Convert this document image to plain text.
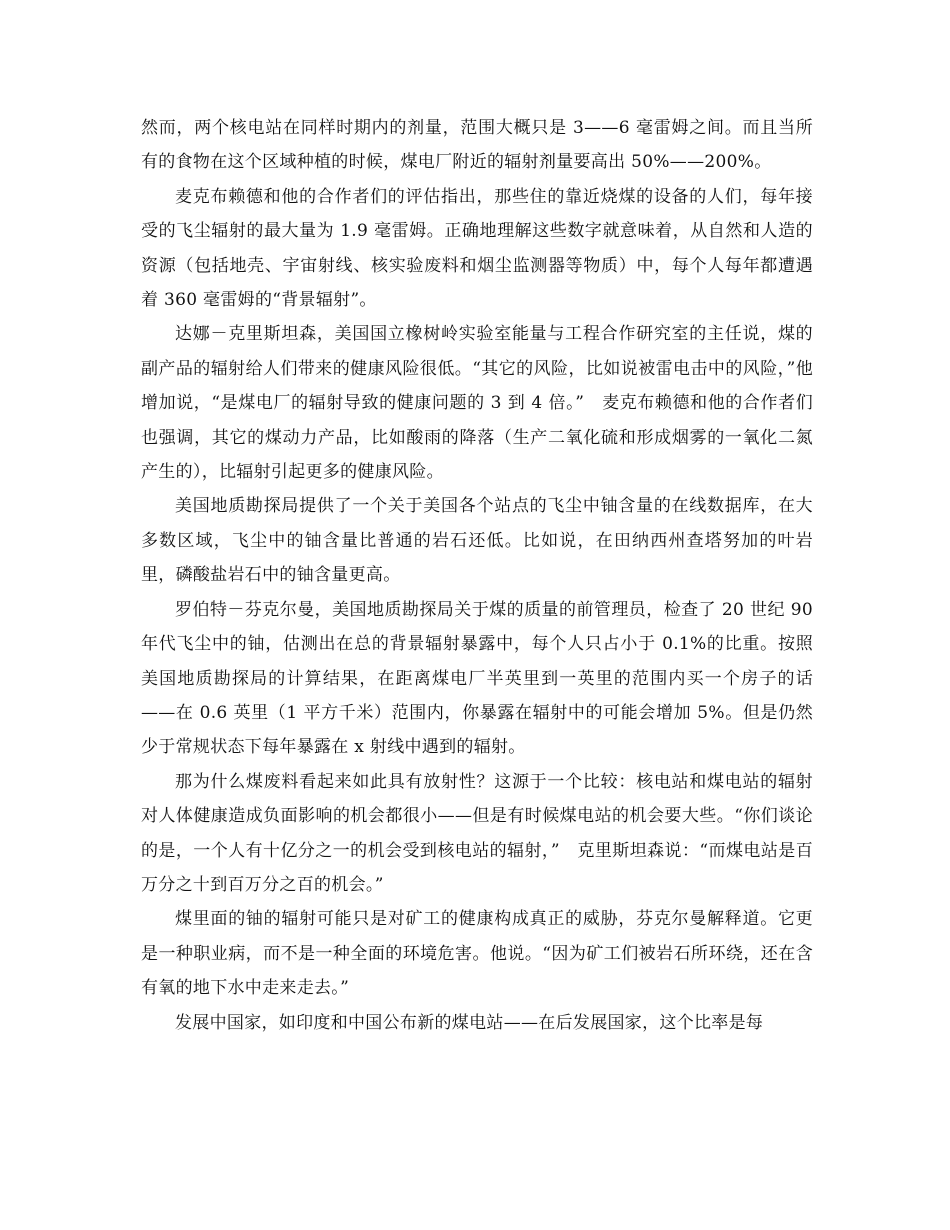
然而，两个核电站在同样时期内的剂量，范围大概只是 3——6 毫雷姆之间。而且当所有的食物在这个区域种植的时候，煤电厂附近的辐射剂量要高出 50%——200%。

麦克布赖德和他的合作者们的评估指出，那些住的靠近烧煤的设备的人们，每年接受的飞尘辐射的最大量为 1.9 毫雷姆。正确地理解这些数字就意味着，从自然和人造的资源（包括地壳、宇宙射线、核实验废料和烟尘监测器等物质）中，每个人每年都遭遇着 360 毫雷姆的“背景辐射”。

达娜－克里斯坦森，美国国立橡树岭实验室能量与工程合作研究室的主任说，煤的副产品的辐射给人们带来的健康风险很低。“其它的风险，比如说被雷电击中的风险，”他增加说，“是煤电厂的辐射导致的健康问题的 3 到 4 倍。”　麦克布赖德和他的合作者们也强调，其它的煤动力产品，比如酸雨的降落（生产二氧化硫和形成烟雾的一氧化二氮产生的），比辐射引起更多的健康风险。

美国地质勘探局提供了一个关于美国各个站点的飞尘中铀含量的在线数据库，在大多数区域，飞尘中的铀含量比普通的岩石还低。比如说，在田纳西州查塔努加的叶岩里，磷酸盐岩石中的铀含量更高。

罗伯特－芬克尔曼，美国地质勘探局关于煤的质量的前管理员，检查了 20 世纪 90 年代飞尘中的铀，估测出在总的背景辐射暴露中，每个人只占小于 0.1%的比重。按照美国地质勘探局的计算结果，在距离煤电厂半英里到一英里的范围内买一个房子的话——在 0.6 英里（1 平方千米）范围内，你暴露在辐射中的可能会增加 5%。但是仍然少于常规状态下每年暴露在 x 射线中遇到的辐射。

那为什么煤废料看起来如此具有放射性？这源于一个比较：核电站和煤电站的辐射对人体健康造成负面影响的机会都很小——但是有时候煤电站的机会要大些。“你们谈论的是，一个人有十亿分之一的机会受到核电站的辐射，”　克里斯坦森说：“而煤电站是百万分之十到百万分之百的机会。”

煤里面的铀的辐射可能只是对矿工的健康构成真正的威胁，芬克尔曼解释道。它更是一种职业病，而不是一种全面的环境危害。他说。“因为矿工们被岩石所环绕，还在含有氧的地下水中走来走去。”

发展中国家，如印度和中国公布新的煤电站——在后发展国家，这个比率是每
